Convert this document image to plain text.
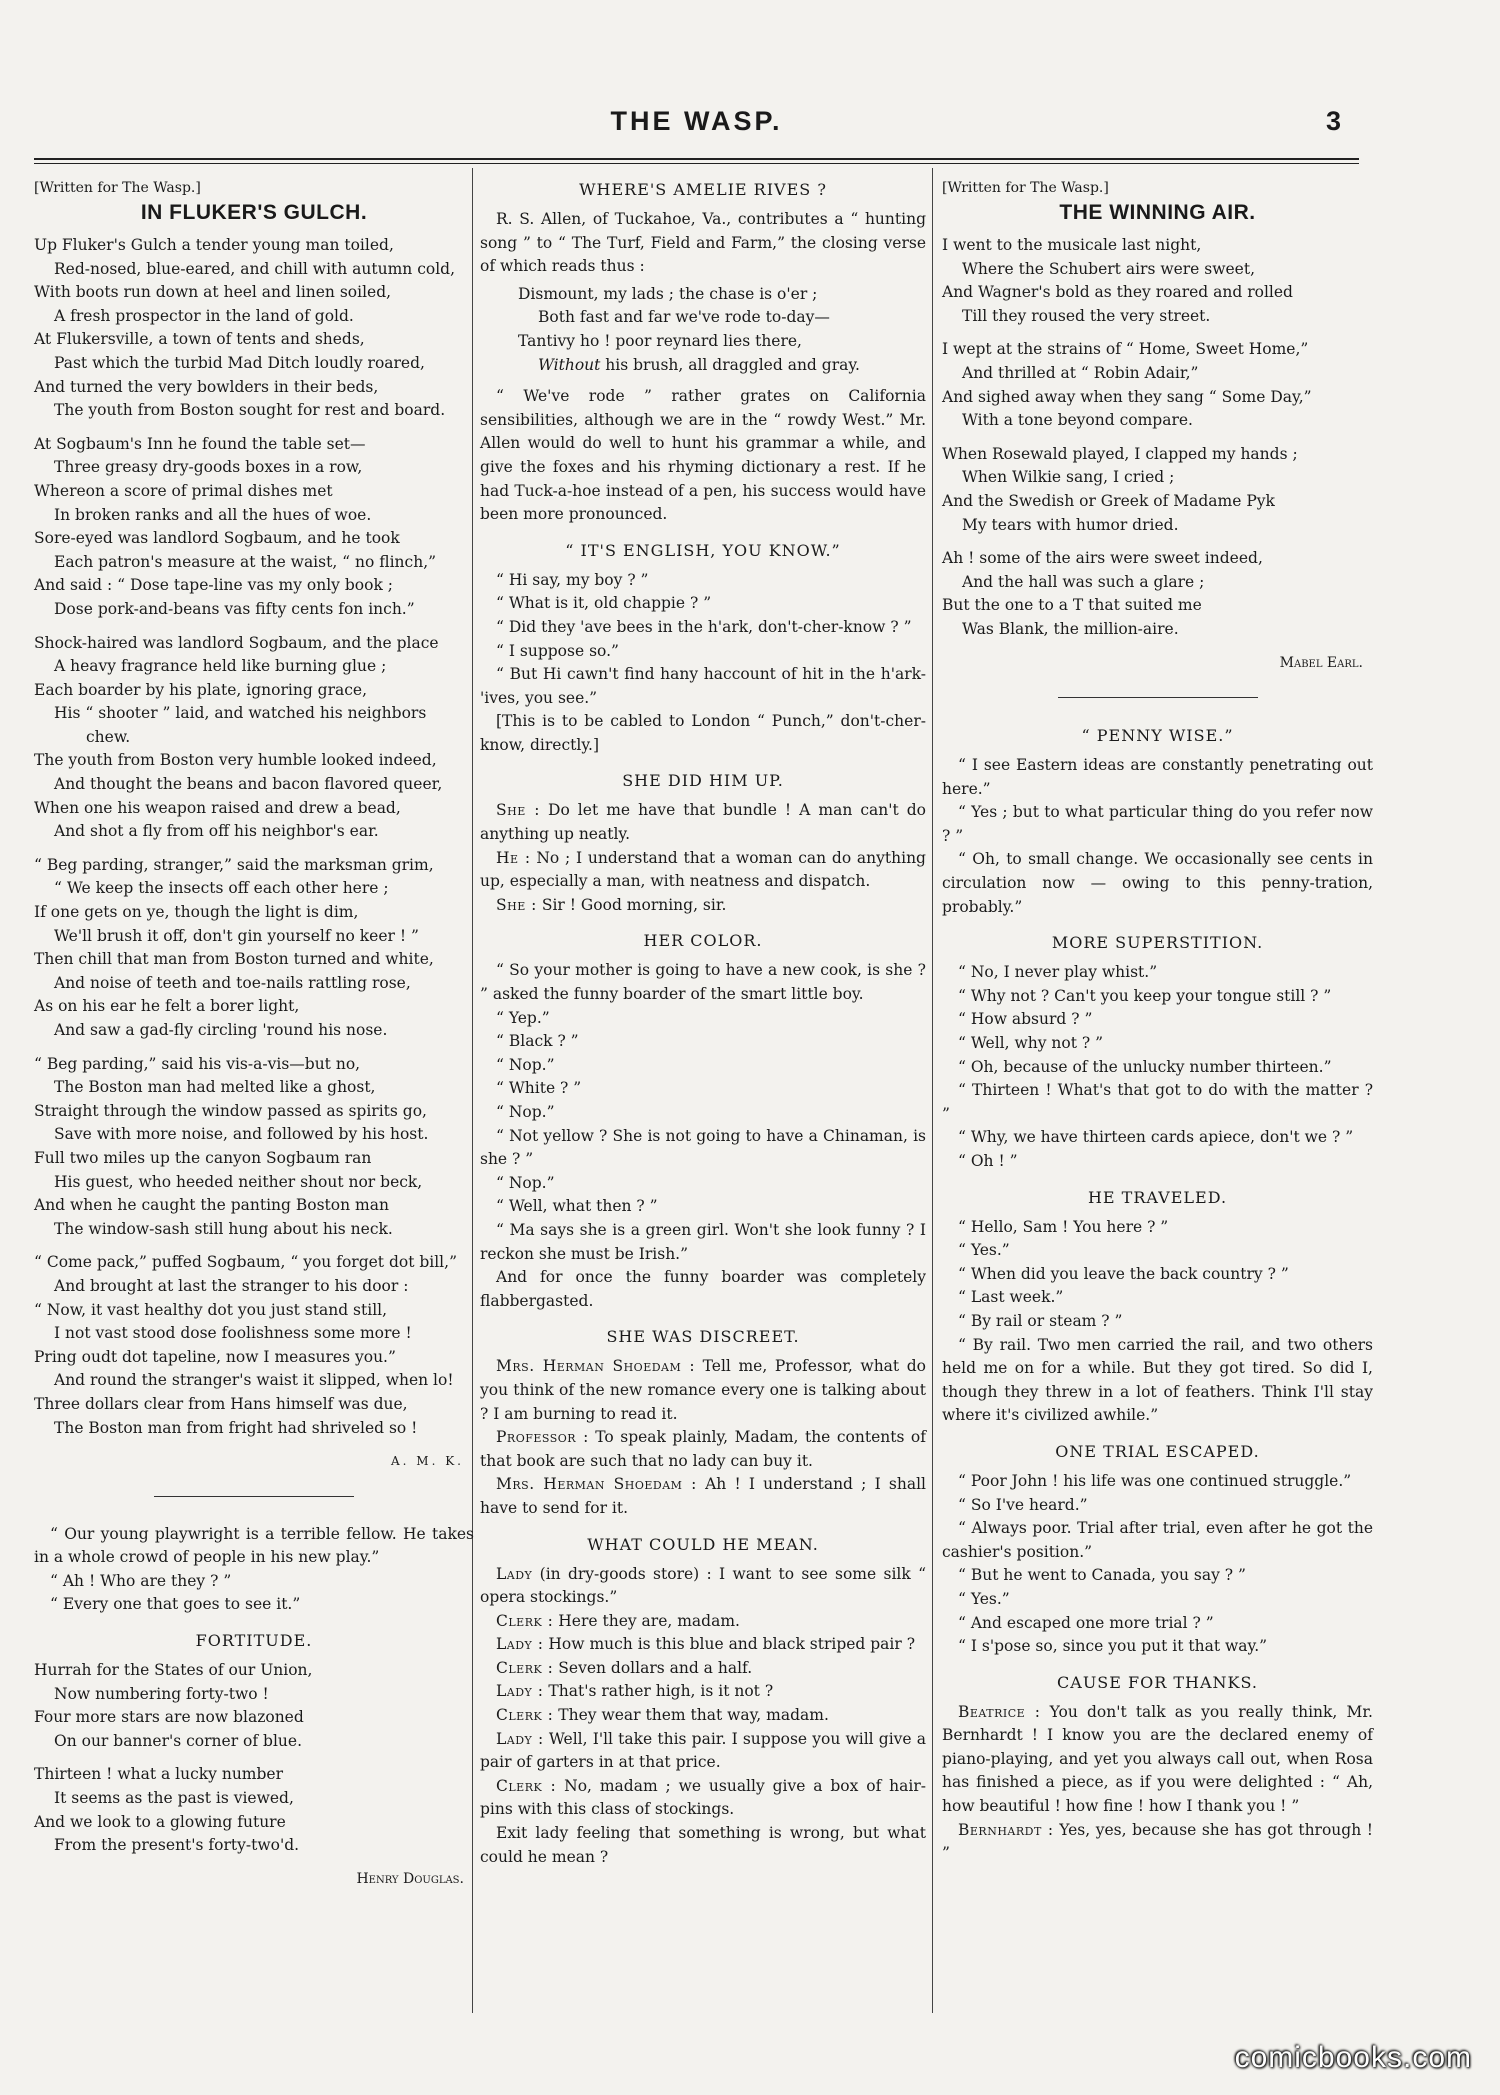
THE WASP.	3

[Written for The Wasp.]

IN FLUKER'S GULCH.

Up Fluker's Gulch a tender young man toiled,

Red-nosed, blue-eared, and chill with autumn cold,

With boots run down at heel and linen soiled,

A fresh prospector in the land of gold.

At Flukersville, a town of tents and sheds,

Past which the turbid Mad Ditch loudly roared,

And turned the very bowlders in their beds,

The youth from Boston sought for rest and board.

At Sogbaum's Inn he found the table set—

Three greasy dry-goods boxes in a row,

Whereon a score of primal dishes met

In broken ranks and all the hues of woe.

Sore-eyed was landlord Sogbaum, and he took

Each patron's measure at the waist, “ no flinch,”

And said : “ Dose tape-line vas my only book ;

Dose pork-and-beans vas fifty cents fon inch.”

Shock-haired was landlord Sogbaum, and the place

A heavy fragrance held like burning glue ;

Each boarder by his plate, ignoring grace,

His “ shooter ” laid, and watched his neighbors chew.

The youth from Boston very humble looked indeed,

And thought the beans and bacon flavored queer,

When one his weapon raised and drew a bead,

And shot a fly from off his neighbor's ear.

“ Beg parding, stranger,” said the marksman grim,

“ We keep the insects off each other here ;

If one gets on ye, though the light is dim,

We'll brush it off, don't gin yourself no keer ! ”

Then chill that man from Boston turned and white,

And noise of teeth and toe-nails rattling rose,

As on his ear he felt a borer light,

And saw a gad-fly circling 'round his nose.

“ Beg parding,” said his vis-a-vis—but no,

The Boston man had melted like a ghost,

Straight through the window passed as spirits go,

Save with more noise, and followed by his host.

Full two miles up the canyon Sogbaum ran

His guest, who heeded neither shout nor beck,

And when he caught the panting Boston man

The window-sash still hung about his neck.

“ Come pack,” puffed Sogbaum, “ you forget dot bill,”

And brought at last the stranger to his door :

“ Now, it vast healthy dot you just stand still,

I not vast stood dose foolishness some more !

Pring oudt dot tapeline, now I measures you.”

And round the stranger's waist it slipped, when lo!

Three dollars clear from Hans himself was due,

The Boston man from fright had shriveled so !

A. M. K.

“ Our young playwright is a terrible fellow. He takes in a whole crowd of people in his new play.”

“ Ah ! Who are they ? ”

“ Every one that goes to see it.”

FORTITUDE.

Hurrah for the States of our Union,

Now numbering forty-two !

Four more stars are now blazoned

On our banner's corner of blue.

Thirteen ! what a lucky number

It seems as the past is viewed,

And we look to a glowing future

From the present's forty-two'd.

Henry Douglas.
WHERE'S AMELIE RIVES ?

R. S. Allen, of Tuckahoe, Va., contributes a “ hunting song ” to “ The Turf, Field and Farm,” the closing verse of which reads thus :

Dismount, my lads ; the chase is o'er ;

Both fast and far we've rode to-day—

Tantivy ho ! poor reynard lies there,

Without his brush, all draggled and gray.

“ We've rode ” rather grates on California sensibilities, although we are in the “ rowdy West.” Mr. Allen would do well to hunt his grammar a while, and give the foxes and his rhyming dictionary a rest. If he had Tuck-a-hoe instead of a pen, his success would have been more pronounced.

“ IT'S ENGLISH, YOU KNOW.”

“ Hi say, my boy ? ”

“ What is it, old chappie ? ”

“ Did they 'ave bees in the h'ark, don't-cher-know ? ”

“ I suppose so.”

“ But Hi cawn't find hany haccount of hit in the h'ark-'ives, you see.”

[This is to be cabled to London “ Punch,” don't-cher-know, directly.]

SHE DID HIM UP.

She : Do let me have that bundle ! A man can't do anything up neatly.

He : No ; I understand that a woman can do anything up, especially a man, with neatness and dispatch.

She : Sir ! Good morning, sir.

HER COLOR.

“ So your mother is going to have a new cook, is she ? ” asked the funny boarder of the smart little boy.

“ Yep.”

“ Black ? ”

“ Nop.”

“ White ? ”

“ Nop.”

“ Not yellow ? She is not going to have a Chinaman, is she ? ”

“ Nop.”

“ Well, what then ? ”

“ Ma says she is a green girl. Won't she look funny ? I reckon she must be Irish.”

And for once the funny boarder was completely flabbergasted.

SHE WAS DISCREET.

Mrs. Herman Shoedam : Tell me, Professor, what do you think of the new romance every one is talking about ? I am burning to read it.

Professor : To speak plainly, Madam, the contents of that book are such that no lady can buy it.

Mrs. Herman Shoedam : Ah ! I understand ; I shall have to send for it.

WHAT COULD HE MEAN.

Lady (in dry-goods store) : I want to see some silk “ opera stockings.”

Clerk : Here they are, madam.

Lady : How much is this blue and black striped pair ?

Clerk : Seven dollars and a half.

Lady : That's rather high, is it not ?

Clerk : They wear them that way, madam.

Lady : Well, I'll take this pair. I suppose you will give a pair of garters in at that price.

Clerk : No, madam ; we usually give a box of hair-pins with this class of stockings.

Exit lady feeling that something is wrong, but what could he mean ?

[Written for The Wasp.]

THE WINNING AIR.

I went to the musicale last night,

Where the Schubert airs were sweet,

And Wagner's bold as they roared and rolled

Till they roused the very street.

I wept at the strains of “ Home, Sweet Home,”

And thrilled at “ Robin Adair,”

And sighed away when they sang “ Some Day,”

With a tone beyond compare.

When Rosewald played, I clapped my hands ;

When Wilkie sang, I cried ;

And the Swedish or Greek of Madame Pyk

My tears with humor dried.

Ah ! some of the airs were sweet indeed,

And the hall was such a glare ;

But the one to a T that suited me

Was Blank, the million-aire.

Mabel Earl.
“ PENNY WISE.”

“ I see Eastern ideas are constantly penetrating out here.”

“ Yes ; but to what particular thing do you refer now ? ”

“ Oh, to small change. We occasionally see cents in circulation now — owing to this penny-tration, probably.”

MORE SUPERSTITION.

“ No, I never play whist.”

“ Why not ? Can't you keep your tongue still ? ”

“ How absurd ? ”

“ Well, why not ? ”

“ Oh, because of the unlucky number thirteen.”

“ Thirteen ! What's that got to do with the matter ? ”

“ Why, we have thirteen cards apiece, don't we ? ”

“ Oh ! ”

HE TRAVELED.

“ Hello, Sam ! You here ? ”

“ Yes.”

“ When did you leave the back country ? ”

“ Last week.”

“ By rail or steam ? ”

“ By rail. Two men carried the rail, and two others held me on for a while. But they got tired. So did I, though they threw in a lot of feathers. Think I'll stay where it's civilized awhile.”

ONE TRIAL ESCAPED.

“ Poor John ! his life was one continued struggle.”

“ So I've heard.”

“ Always poor. Trial after trial, even after he got the cashier's position.”

“ But he went to Canada, you say ? ”

“ Yes.”

“ And escaped one more trial ? ”

“ I s'pose so, since you put it that way.”

CAUSE FOR THANKS.

Beatrice : You don't talk as you really think, Mr. Bernhardt ! I know you are the declared enemy of piano-playing, and yet you always call out, when Rosa has finished a piece, as if you were delighted : “ Ah, how beautiful ! how fine ! how I thank you ! ”

Bernhardt : Yes, yes, because she has got through ! ”

comicbooks.com
